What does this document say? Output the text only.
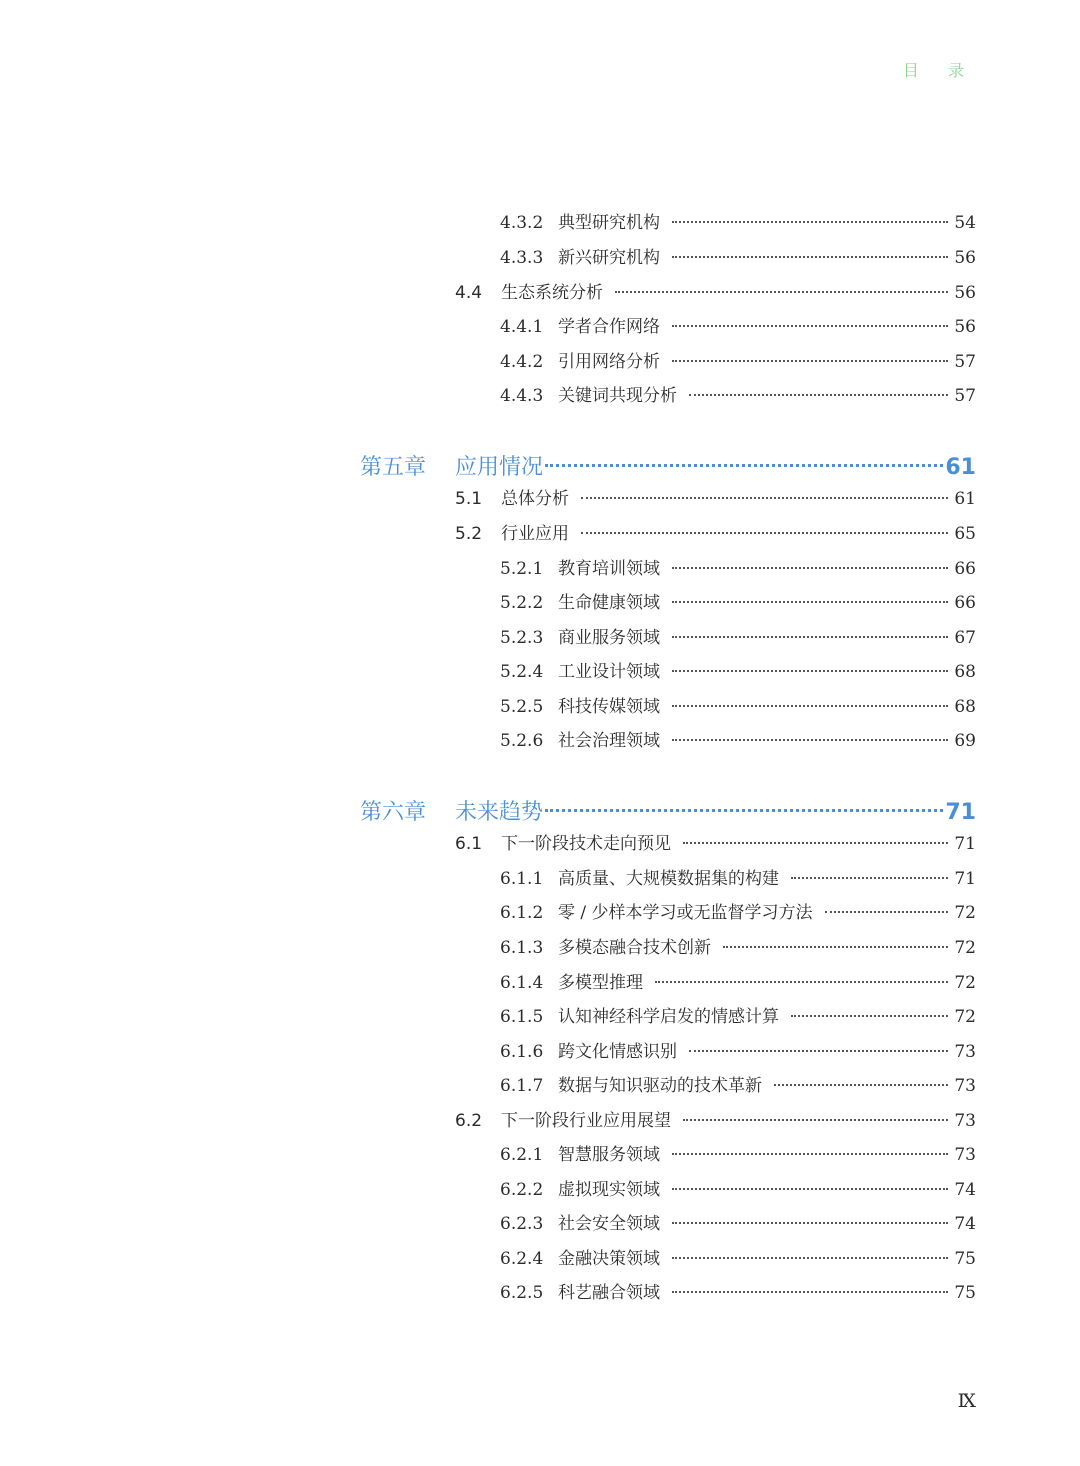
目 录
4.3.2 典型研究机构	54
4.3.3 新兴研究机构	56
4.4	生态系统分析	56
4.4.1 学者合作网络	56
4.4.2 引用网络分析	57
4.4.3 关键词共现分析	57
第五章	应用情况	61
5.1	总体分析	61
5.2	行业应用	65
5.2.1 教育培训领域	66
5.2.2 生命健康领域	66
5.2.3 商业服务领域	67
5.2.4 工业设计领域	68
5.2.5 科技传媒领域	68
5.2.6 社会治理领域	69
第六章	未来趋势	71
6.1	下一阶段技术走向预见	71
6.1.1 高质量、大规模数据集的构建	71
6.1.2 零 / 少样本学习或无监督学习方法	72
6.1.3 多模态融合技术创新	72
6.1.4 多模型推理	72
6.1.5 认知神经科学启发的情感计算	72
6.1.6 跨文化情感识别	73
6.1.7 数据与知识驱动的技术革新	73
6.2	下一阶段行业应用展望	73
6.2.1 智慧服务领域	73
6.2.2 虚拟现实领域	74
6.2.3 社会安全领域	74
6.2.4 金融决策领域	75
6.2.5 科艺融合领域	75
Ⅸ
